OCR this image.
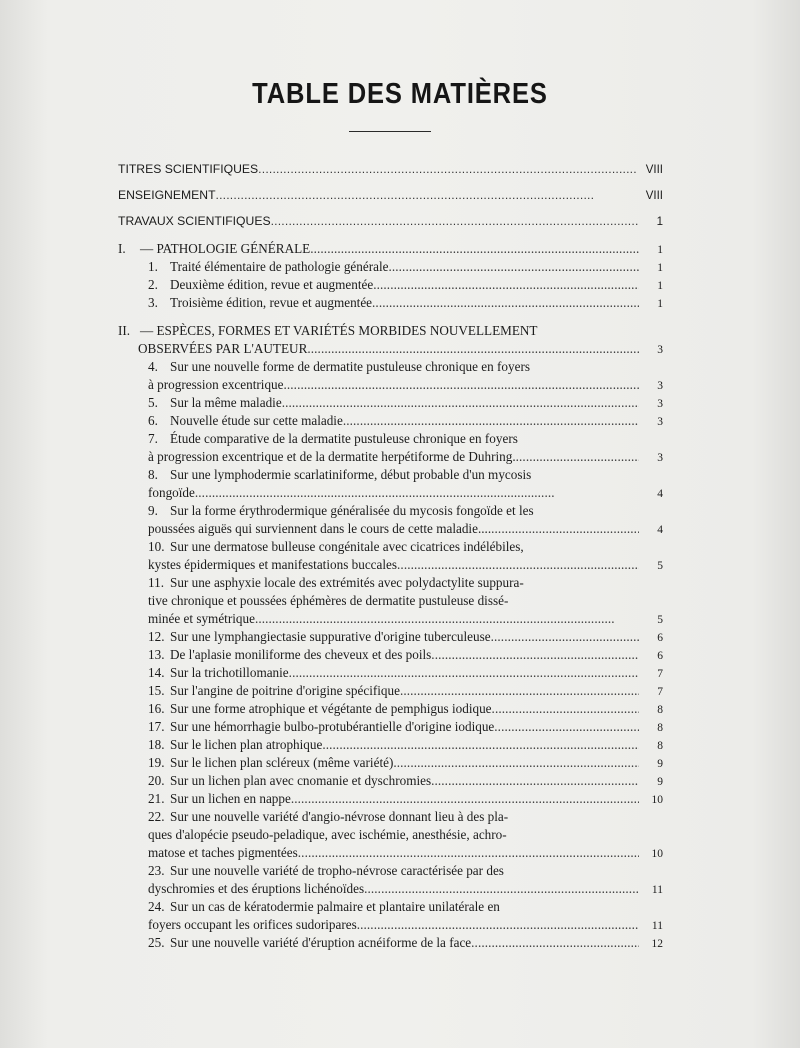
TABLE DES MATIÈRES
TITRES SCIENTIFIQUES . . .	VIII
ENSEIGNEMENT . . .	VIII
TRAVAUX SCIENTIFIQUES . . .	1
I.	— PATHOLOGIE GÉNÉRALE . . .	1
1. Traité élémentaire de pathologie générale . . .	1
2. Deuxième édition, revue et augmentée . . .	1
3. Troisième édition, revue et augmentée . . .	1
II. — ESPÈCES, FORMES ET VARIÉTÉS MORBIDES NOUVELLEMENT
OBSERVÉES PAR L'AUTEUR . . .	3
4. Sur une nouvelle forme de dermatite pustuleuse chronique en foyers
à progression excentrique . . .	3
5. Sur la même maladie . . .	3
6. Nouvelle étude sur cette maladie . . .	3
7. Étude comparative de la dermatite pustuleuse chronique en foyers
à progression excentrique et de la dermatite herpétiforme de Duhring. . . .	3
8. Sur une lymphodermie scarlatiniforme, début probable d'un mycosis
fongoïde . . .	4
9. Sur la forme érythrodermique généralisée du mycosis fongoïde et les
poussées aiguës qui surviennent dans le cours de cette maladie.... . . .	4
10. Sur une dermatose bulleuse congénitale avec cicatrices indélébiles,
kystes épidermiques et manifestations buccales . . .	5
11. Sur une asphyxie locale des extrémités avec polydactylite suppura-
tive chronique et poussées éphémères de dermatite pustuleuse dissé-
minée et symétrique . . .	5
12. Sur une lymphangiectasie suppurative d'origine tuberculeuse . . .	6
13. De l'aplasie moniliforme des cheveux et des poils . . .	6
14. Sur la trichotillomanie . . .	7
15. Sur l'angine de poitrine d'origine spécifique . . .	7
16. Sur une forme atrophique et végétante de pemphigus iodique . . .	8
17. Sur une hémorrhagie bulbo-protubérantielle d'origine iodique . . .	8
18. Sur le lichen plan atrophique . . .	8
19. Sur le lichen plan scléreux (même variété) . . .	9
20. Sur un lichen plan avec cnomanie et dyschromies . . .	9
21. Sur un lichen en nappe . . .	10
22. Sur une nouvelle variété d'angio-névrose donnant lieu à des pla-
ques d'alopécie pseudo-peladique, avec ischémie, anesthésie, achro-
matose et taches pigmentées . . .	10
23. Sur une nouvelle variété de tropho-névrose caractérisée par des
dyschromies et des éruptions lichénoïdes . . .	11
24. Sur un cas de kératodermie palmaire et plantaire unilatérale en
foyers occupant les orifices sudoripares . . .	11
25. Sur une nouvelle variété d'éruption acnéiforme de la face . . .	12
